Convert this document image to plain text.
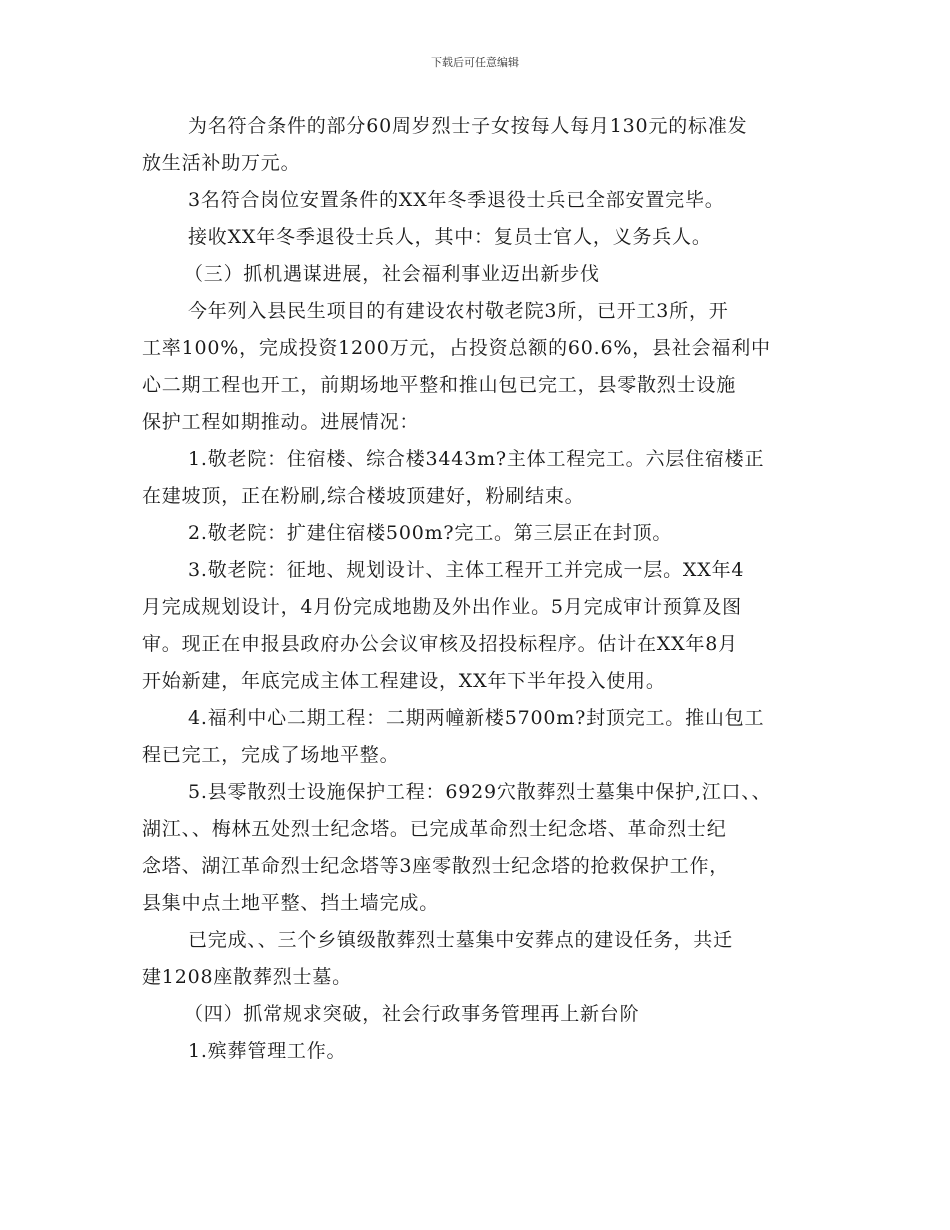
下载后可任意编辑
为名符合条件的部分60周岁烈士子女按每人每月130元的标准发
放生活补助万元。
3名符合岗位安置条件的XX年冬季退役士兵已全部安置完毕。
接收XX年冬季退役士兵人，其中：复员士官人，义务兵人。
（三）抓机遇谋进展，社会福利事业迈出新步伐
今年列入县民生项目的有建设农村敬老院3所，已开工3所，开
工率100%，完成投资1200万元，占投资总额的60.6%，县社会福利中
心二期工程也开工，前期场地平整和推山包已完工，县零散烈士设施
保护工程如期推动。进展情况：
1.敬老院：住宿楼、综合楼3443m?主体工程完工。六层住宿楼正
在建坡顶，正在粉刷,综合楼坡顶建好，粉刷结束。
2.敬老院：扩建住宿楼500m?完工。第三层正在封顶。
3.敬老院：征地、规划设计、主体工程开工并完成一层。XX年4
月完成规划设计，4月份完成地勘及外出作业。5月完成审计预算及图
审。现正在申报县政府办公会议审核及招投标程序。估计在XX年8月
开始新建，年底完成主体工程建设，XX年下半年投入使用。
4.福利中心二期工程：二期两幢新楼5700m?封顶完工。推山包工
程已完工，完成了场地平整。
5.县零散烈士设施保护工程：6929穴散葬烈士墓集中保护,江口、、
湖江、、梅林五处烈士纪念塔。已完成革命烈士纪念塔、革命烈士纪
念塔、湖江革命烈士纪念塔等3座零散烈士纪念塔的抢救保护工作，
县集中点土地平整、挡土墙完成。
已完成、、三个乡镇级散葬烈士墓集中安葬点的建设任务，共迁
建1208座散葬烈士墓。
（四）抓常规求突破，社会行政事务管理再上新台阶
1.殡葬管理工作。
